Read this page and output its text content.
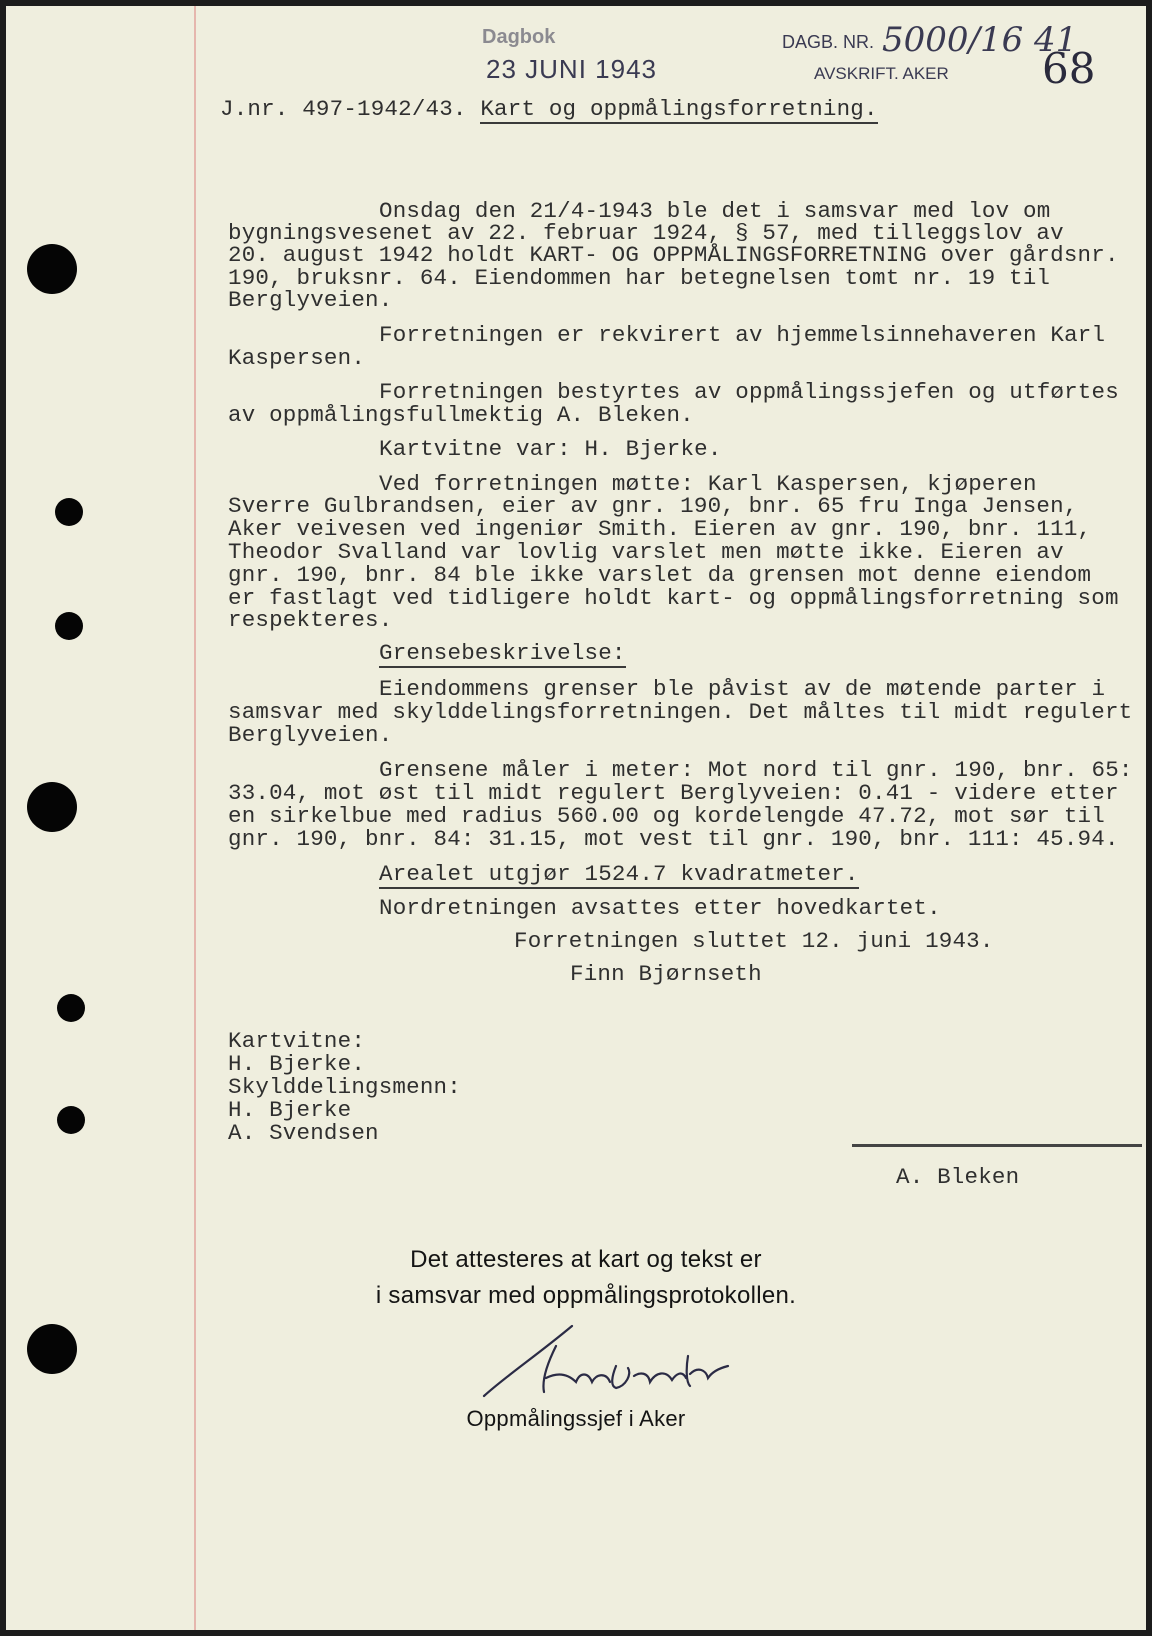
Dagbok
23 JUNI 1943
DAGB. NR. 5000/16 41
AVSKRIFT. AKER 68
J.nr. 497-1942/43. Kart og oppmålingsforretning.
Onsdag den 21/4-1943 ble det i samsvar med lov om
bygningsvesenet av 22. februar 1924, § 57, med tilleggslov av
20. august 1942 holdt KART- OG OPPMÅLINGSFORRETNING over gårdsnr.
190, bruksnr. 64. Eiendommen har betegnelsen tomt nr. 19 til
Berglyveien.
Forretningen er rekvirert av hjemmelsinnehaveren Karl
Kaspersen.
Forretningen bestyrtes av oppmålingssjefen og utførtes
av oppmålingsfullmektig A. Bleken.
Kartvitne var: H. Bjerke.
Ved forretningen møtte: Karl Kaspersen, kjøperen
Sverre Gulbrandsen, eier av gnr. 190, bnr. 65 fru Inga Jensen,
Aker veivesen ved ingeniør Smith. Eieren av gnr. 190, bnr. 111,
Theodor Svalland var lovlig varslet men møtte ikke. Eieren av
gnr. 190, bnr. 84 ble ikke varslet da grensen mot denne eiendom
er fastlagt ved tidligere holdt kart- og oppmålingsforretning som
respekteres.
Grensebeskrivelse:
Eiendommens grenser ble påvist av de møtende parter i
samsvar med skylddelingsforretningen. Det måltes til midt regulert
Berglyveien.
Grensene måler i meter: Mot nord til gnr. 190, bnr. 65:
33.04, mot øst til midt regulert Berglyveien: 0.41 - videre etter
en sirkelbue med radius 560.00 og kordelengde 47.72, mot sør til
gnr. 190, bnr. 84: 31.15, mot vest til gnr. 190, bnr. 111: 45.94.
Arealet utgjør 1524.7 kvadratmeter.
Nordretningen avsattes etter hovedkartet.
Forretningen sluttet 12. juni 1943.
Finn Bjørnseth
Kartvitne:
H. Bjerke.
Skylddelingsmenn:
H. Bjerke
A. Svendsen
A. Bleken
Det attesteres at kart og tekst er
i samsvar med oppmålingsprotokollen.
Oppmålingssjef i Aker
